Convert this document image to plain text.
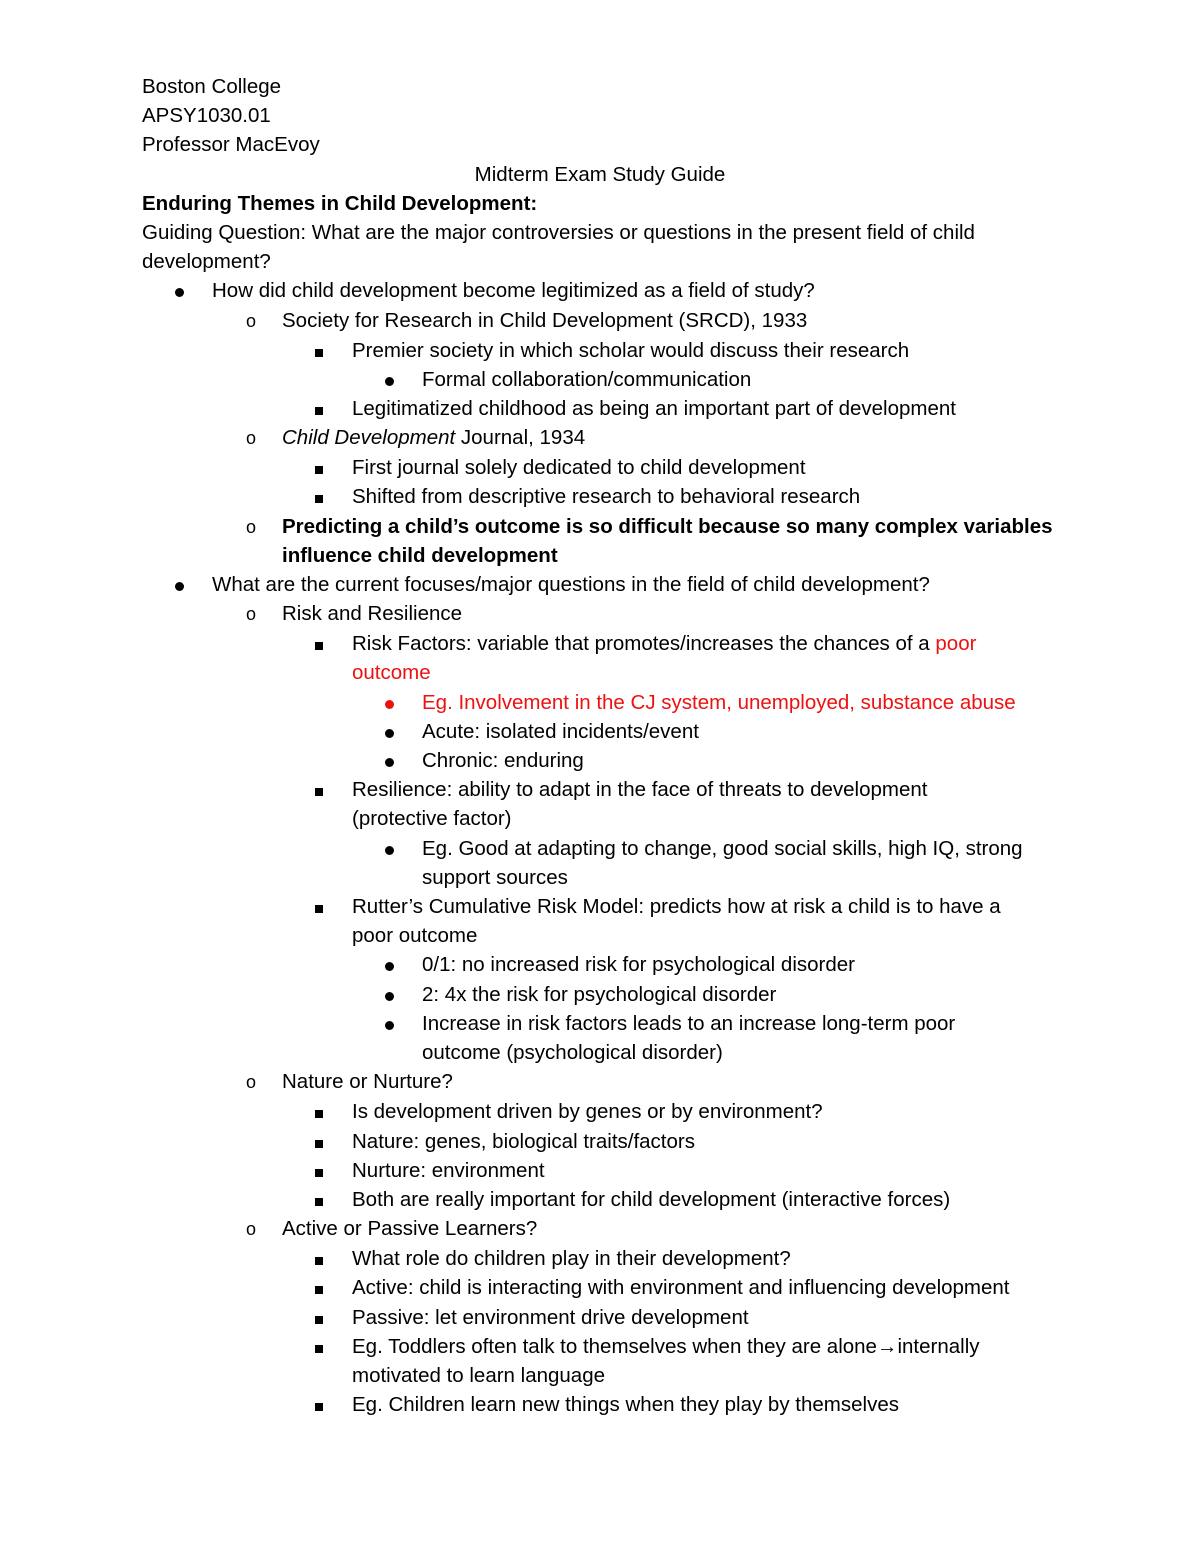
Boston College
APSY1030.01
Professor MacEvoy
Midterm Exam Study Guide
Enduring Themes in Child Development:
Guiding Question: What are the major controversies or questions in the present field of child
development?
How did child development become legitimized as a field of study?
o	Society for Research in Child Development (SRCD), 1933
Premier society in which scholar would discuss their research
Formal collaboration/communication
Legitimatized childhood as being an important part of development
o	Child Development Journal, 1934
First journal solely dedicated to child development
Shifted from descriptive research to behavioral research
o	Predicting a child’s outcome is so difficult because so many complex variables
influence child development
What are the current focuses/major questions in the field of child development?
o	Risk and Resilience
Risk Factors: variable that promotes/increases the chances of a poor
outcome
Eg. Involvement in the CJ system, unemployed, substance abuse
Acute: isolated incidents/event
Chronic: enduring
Resilience: ability to adapt in the face of threats to development
(protective factor)
Eg. Good at adapting to change, good social skills, high IQ, strong
support sources
Rutter’s Cumulative Risk Model: predicts how at risk a child is to have a
poor outcome
0/1: no increased risk for psychological disorder
2: 4x the risk for psychological disorder
Increase in risk factors leads to an increase long-term poor
outcome (psychological disorder)
o	Nature or Nurture?
Is development driven by genes or by environment?
Nature: genes, biological traits/factors
Nurture: environment
Both are really important for child development (interactive forces)
o	Active or Passive Learners?
What role do children play in their development?
Active: child is interacting with environment and influencing development
Passive: let environment drive development
Eg. Toddlers often talk to themselves when they are alone→internally
motivated to learn language
Eg. Children learn new things when they play by themselves
